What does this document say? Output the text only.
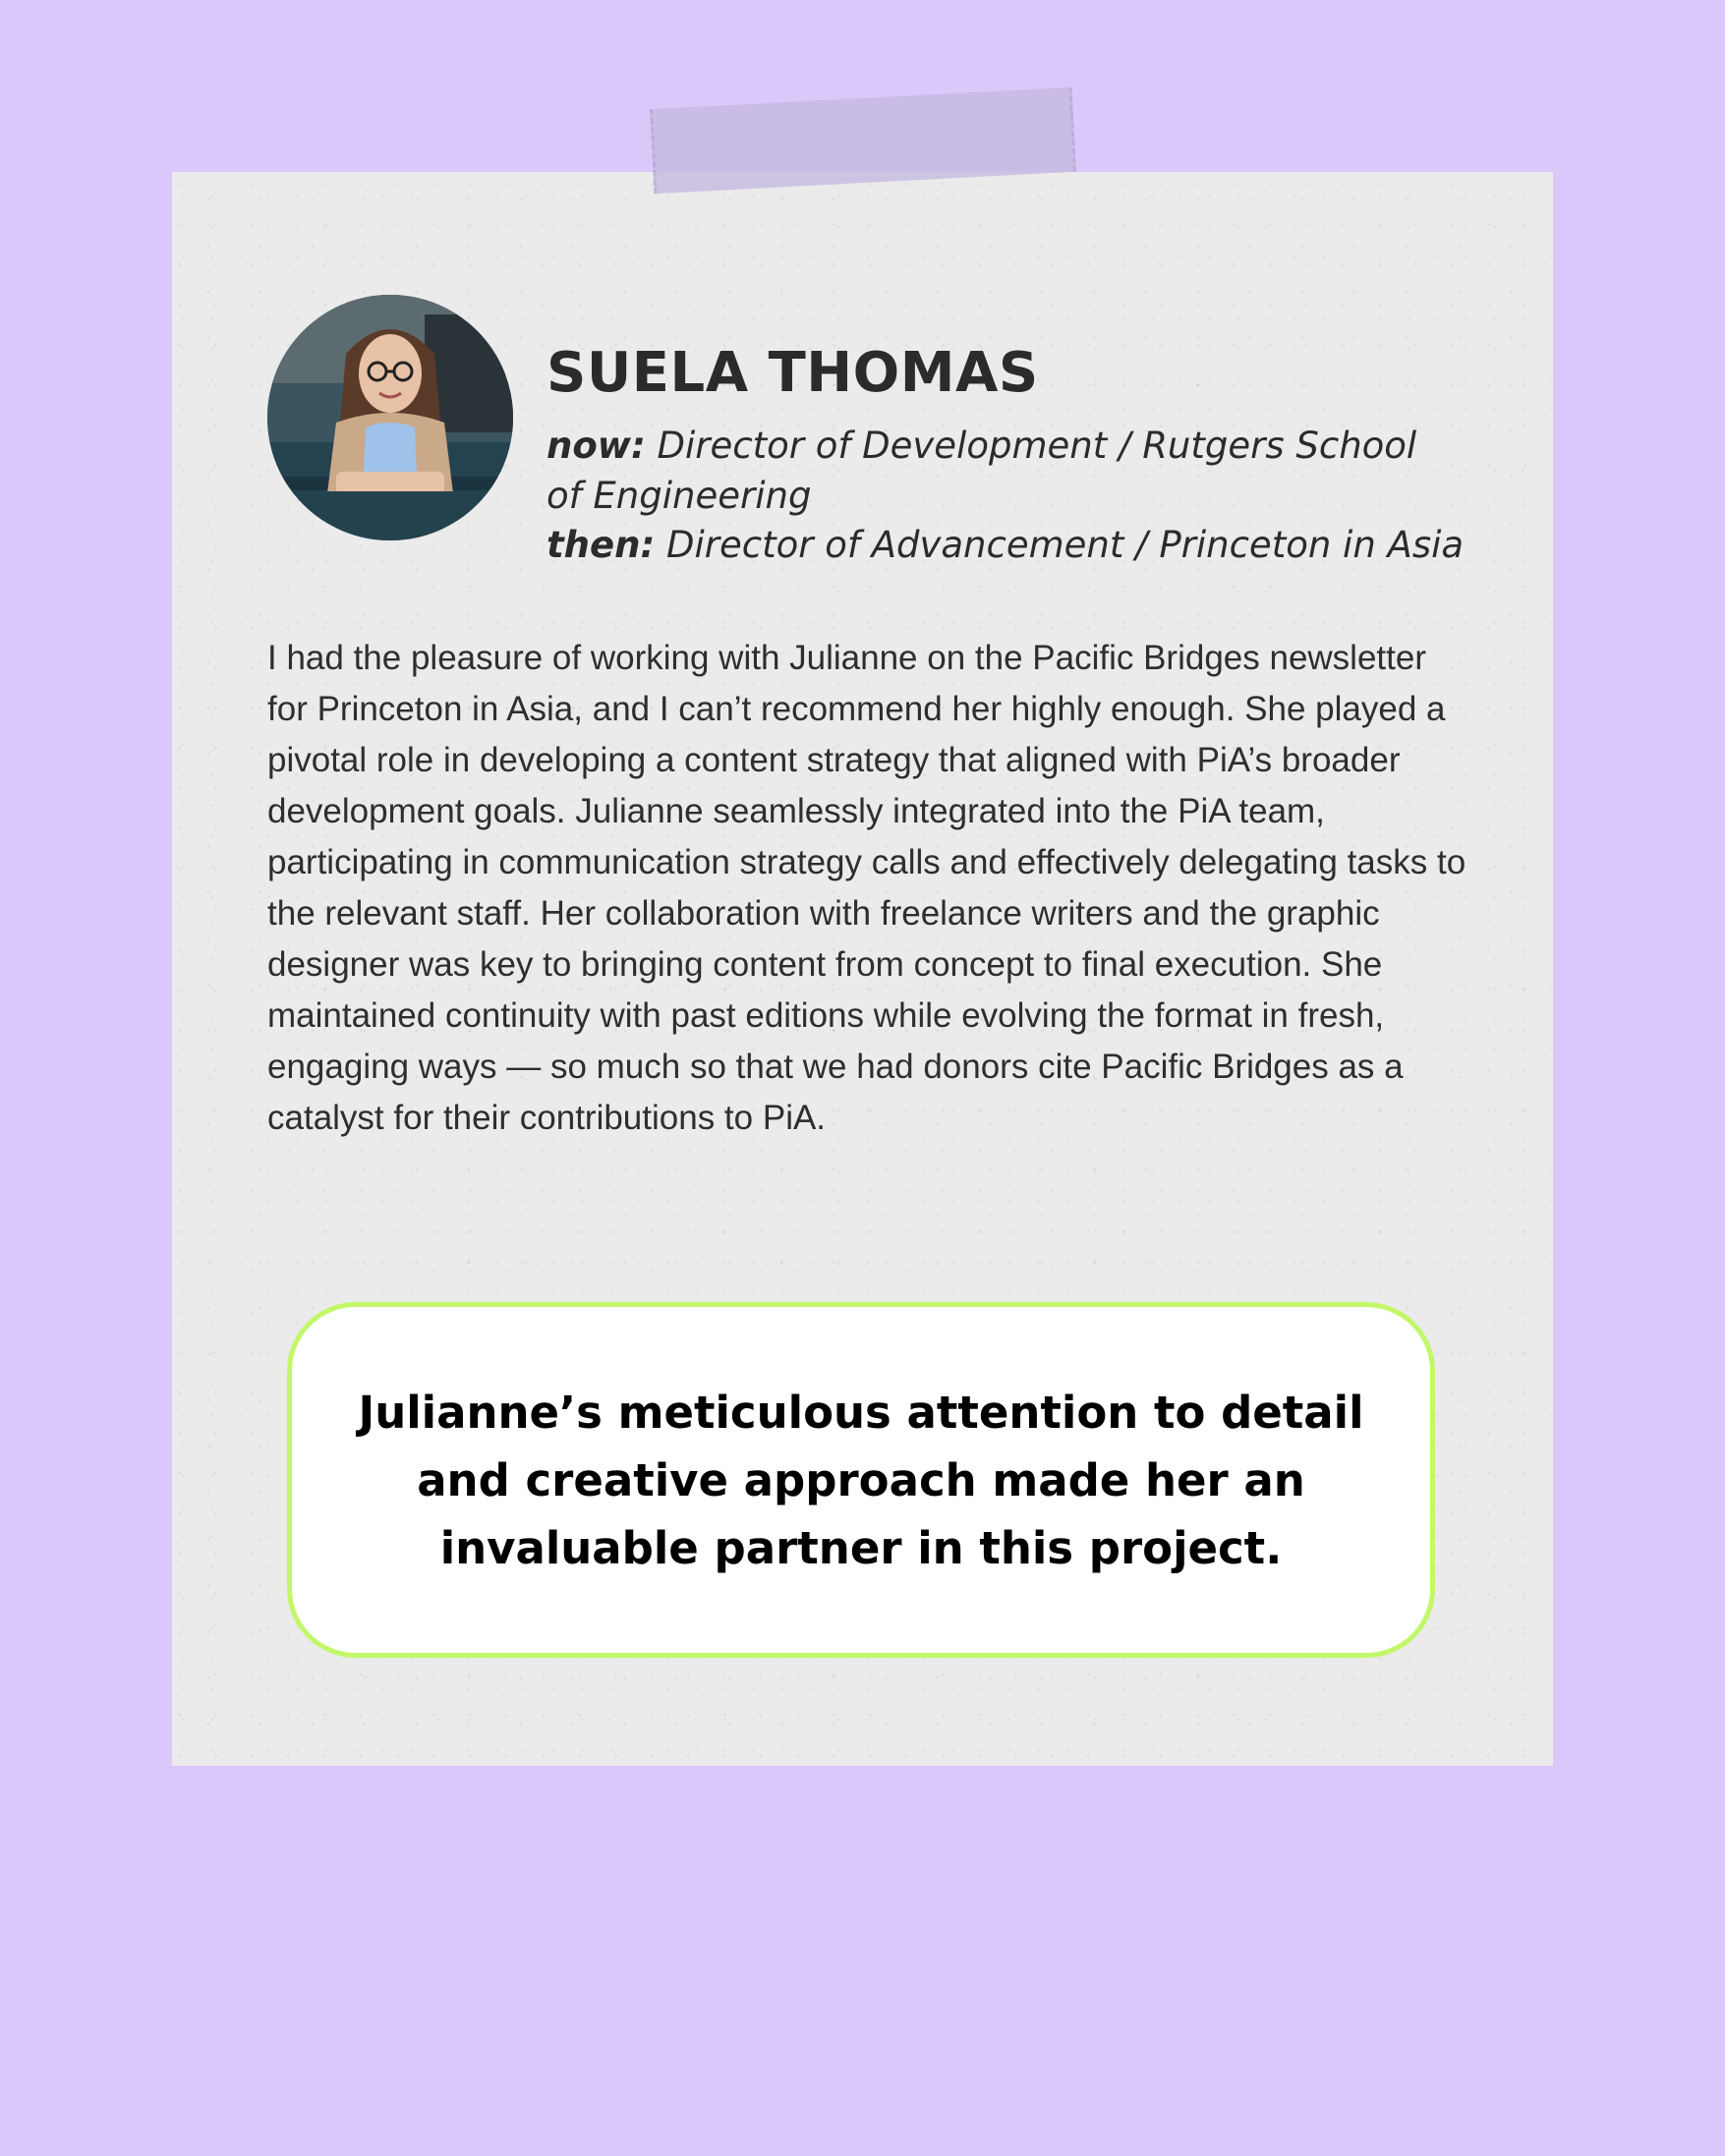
SUELA THOMAS

now: Director of Development / Rutgers School of Engineering

then: Director of Advancement / Princeton in Asia

I had the pleasure of working with Julianne on the Pacific Bridges newsletter for Princeton in Asia, and I can’t recommend her highly enough. She played a pivotal role in developing a content strategy that aligned with PiA’s broader development goals. Julianne seamlessly integrated into the PiA team, participating in communication strategy calls and effectively delegating tasks to the relevant staff. Her collaboration with freelance writers and the graphic designer was key to bringing content from concept to final execution. She maintained continuity with past editions while evolving the format in fresh, engaging ways — so much so that we had donors cite Pacific Bridges as a catalyst for their contributions to PiA.

Julianne’s meticulous attention to detail and creative approach made her an invaluable partner in this project.
